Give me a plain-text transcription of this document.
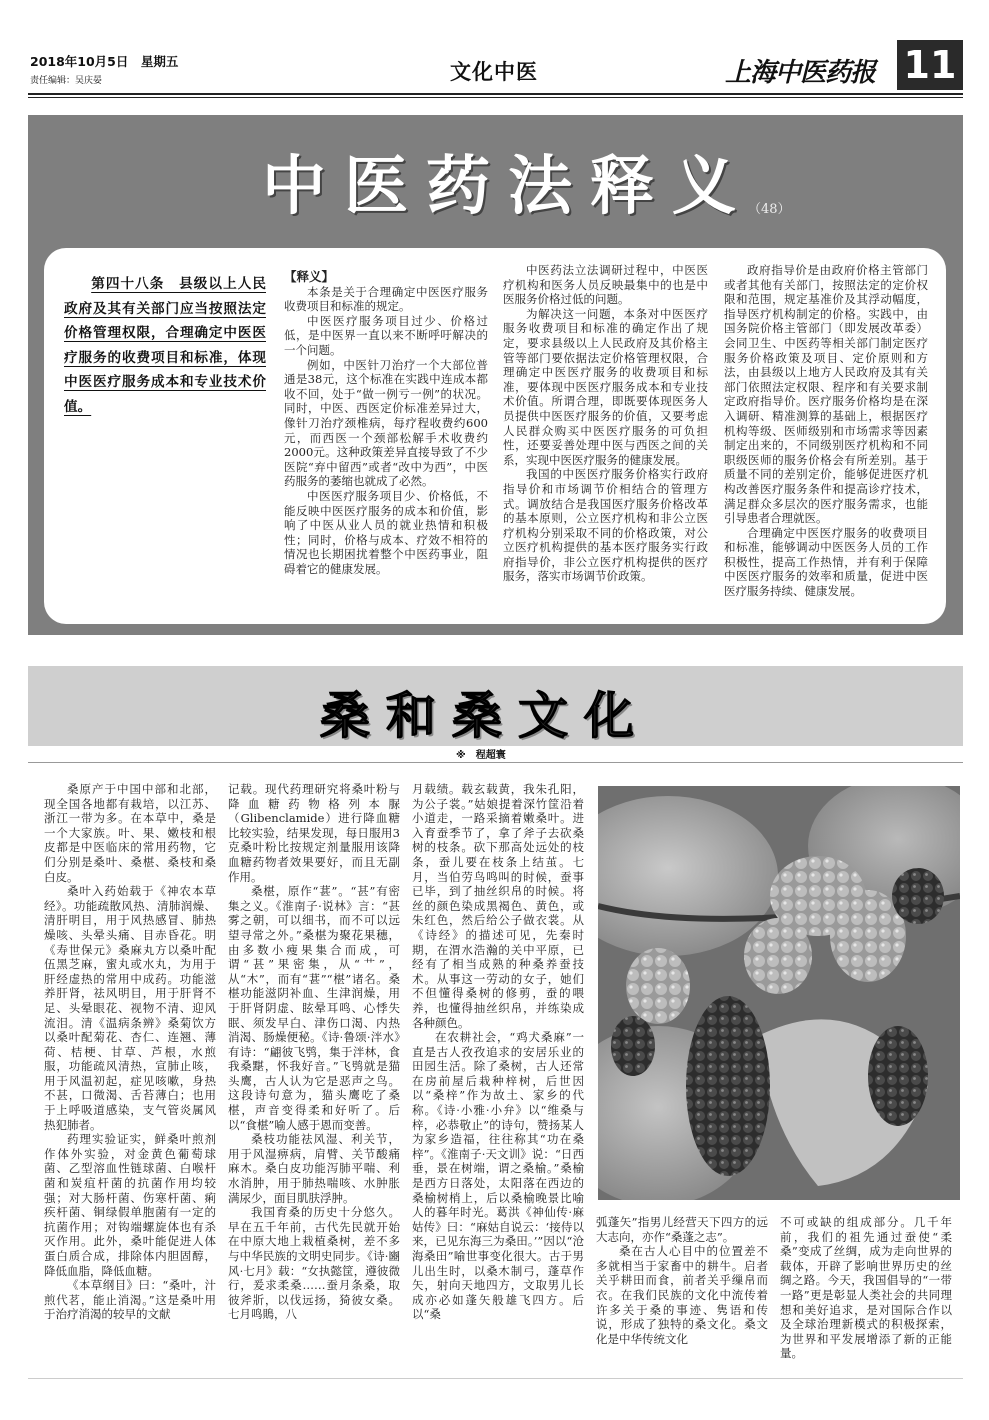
2018年10月5日　星期五
责任编辑：吴庆晏	文化中医	上海中医药报 11
中医药法释义
（48）
第四十八条　县级以上人民政府及其有关部门应当按照法定价格管理权限，合理确定中医医疗服务的收费项目和标准，体现中医医疗服务成本和专业技术价值。
【释义】

本条是关于合理确定中医医疗服务收费项目和标准的规定。

中医医疗服务项目过少、价格过低，是中医界一直以来不断呼吁解决的一个问题。

例如，中医针刀治疗一个大部位普通是38元，这个标准在实践中连成本都收不回，处于“做一例亏一例”的状况。同时，中医、西医定价标准差异过大，像针刀治疗颈椎病，每疗程收费约600元，而西医一个颈部松解手术收费约2000元。这种政策差异直接导致了不少医院“弃中留西”或者“改中为西”，中医药服务的萎缩也就成了必然。

中医医疗服务项目少、价格低，不能反映中医医疗服务的成本和价值，影响了中医从业人员的就业热情和积极性；同时，价格与成本、疗效不相符的情况也长期困扰着整个中医药事业，阻碍着它的健康发展。

中医药法立法调研过程中，中医医疗机构和医务人员反映最集中的也是中医服务价格过低的问题。

为解决这一问题，本条对中医医疗服务收费项目和标准的确定作出了规定，要求县级以上人民政府及其价格主管等部门要依据法定价格管理权限，合理确定中医医疗服务的收费项目和标准，要体现中医医疗服务成本和专业技术价值。所谓合理，即既要体现医务人员提供中医医疗服务的价值，又要考虑人民群众购买中医医疗服务的可负担性，还要妥善处理中医与西医之间的关系，实现中医医疗服务的健康发展。

我国的中医医疗服务价格实行政府指导价和市场调节价相结合的管理方式。调放结合是我国医疗服务价格改革的基本原则，公立医疗机构和非公立医疗机构分别采取不同的价格政策，对公立医疗机构提供的基本医疗服务实行政府指导价，非公立医疗机构提供的医疗服务，落实市场调节价政策。

政府指导价是由政府价格主管部门或者其他有关部门，按照法定的定价权限和范围，规定基准价及其浮动幅度，指导医疗机构制定的价格。实践中，由国务院价格主管部门（即发展改革委）会同卫生、中医药等相关部门制定医疗服务价格政策及项目、定价原则和方法，由县级以上地方人民政府及其有关部门依照法定权限、程序和有关要求制定政府指导价。医疗服务价格均是在深入调研、精准测算的基础上，根据医疗机构等级、医师级别和市场需求等因素制定出来的，不同级别医疗机构和不同职级医师的服务价格会有所差别。基于质量不同的差别定价，能够促进医疗机构改善医疗服务条件和提高诊疗技术，满足群众多层次的医疗服务需求，也能引导患者合理就医。

合理确定中医医疗服务的收费项目和标准，能够调动中医医务人员的工作积极性，提高工作热情，并有利于保障中医医疗服务的效率和质量，促进中医医疗服务持续、健康发展。

桑和桑文化
※　程超寰

桑原产于中国中部和北部，现全国各地都有栽培，以江苏、浙江一带为多。在本草中，桑是一个大家族。叶、果、嫩枝和根皮都是中医临床的常用药物，它们分别是桑叶、桑椹、桑枝和桑白皮。

桑叶入药始载于《神农本草经》。功能疏散风热、清肺润燥、清肝明目，用于风热感冒、肺热燥咳、头晕头痛、目赤昏花。明《寿世保元》桑麻丸方以桑叶配伍黑芝麻，蜜丸或水丸，为用于肝经虚热的常用中成药。功能滋养肝肾，祛风明目，用于肝肾不足、头晕眼花、视物不清、迎风流泪。清《温病条辨》桑菊饮方以桑叶配菊花、杏仁、连翘、薄荷、桔梗、甘草、芦根，水煎服，功能疏风清热，宣肺止咳，用于风温初起，症见咳嗽，身热不甚，口微渴、舌苔薄白；也用于上呼吸道感染，支气管炎属风热犯肺者。

药理实验证实，鲜桑叶煎剂作体外实验，对金黄色葡萄球菌、乙型溶血性链球菌、白喉杆菌和炭疽杆菌的抗菌作用均较强；对大肠杆菌、伤寒杆菌、痢疾杆菌、铜绿假单胞菌有一定的抗菌作用；对钩端螺旋体也有杀灭作用。此外，桑叶能促进人体蛋白质合成，排除体内胆固醇，降低血脂，降低血糖。

《本草纲目》曰：“桑叶，汁煎代茗，能止消渴。”这是桑叶用于治疗消渴的较早的文献

记载。现代药理研究将桑叶粉与降血糖药物格列本脲（Glibenclamide）进行降血糖比较实验，结果发现，每日服用3克桑叶粉比按规定剂量服用该降血糖药物者效果要好，而且无副作用。

桑椹，原作“葚”。“甚”有密集之义。《淮南子·说林》言：“甚雾之朝，可以细书，而不可以远望寻常之外。”桑椹为聚花果穗，由多数小瘦果集合而成，可谓“甚”果密集，从“艹”，从“木”，而有“葚”“椹”诸名。桑椹功能滋阴补血、生津润燥，用于肝肾阴虚、眩晕耳鸣、心悸失眠、须发早白、津伤口渴、内热消渴、肠燥便秘。《诗·鲁颂·泮水》有诗：“翩彼飞鸮，集于泮林，食我桑黮，怀我好音。”飞鸮就是猫头鹰，古人认为它是恶声之鸟。这段诗句意为，猫头鹰吃了桑椹，声音变得柔和好听了。后以“食椹”喻人感于恩而变善。

桑枝功能祛风湿、利关节，用于风湿痹病，肩臂、关节酸痛麻木。桑白皮功能泻肺平喘、利水消肿，用于肺热喘咳、水肿胀满尿少，面目肌肤浮肿。

我国育桑的历史十分悠久。早在五千年前，古代先民就开始在中原大地上栽植桑树，差不多与中华民族的文明史同步。《诗·豳风·七月》载：“女执懿筐，遵彼微行，爰求柔桑……蚕月条桑，取彼斧斨，以伐远扬，猗彼女桑。七月鸣鵙，八

月载绩。载玄载黄，我朱孔阳，为公子裳。”姑娘提着深竹筐沿着小道走，一路采摘着嫩桑叶。进入育蚕季节了，拿了斧子去砍桑树的枝条。砍下那高处远处的枝条，蚕儿要在枝条上结茧。七月，当伯劳鸟鸣叫的时候，蚕事已毕，到了抽丝织帛的时候。将丝的颜色染成黑褐色、黄色，或朱红色，然后给公子做衣裳。从《诗经》的描述可见，先秦时期，在渭水浩瀚的关中平原，已经有了相当成熟的种桑养蚕技术。从事这一劳动的女子，她们不但懂得桑树的修剪，蚕的喂养，也懂得抽丝织帛，并练染成各种颜色。

在农耕社会，“鸡犬桑麻”一直是古人孜孜追求的安居乐业的田园生活。除了桑树，古人还常在房前屋后栽种梓树，后世因以“桑梓”作为故土、家乡的代称。《诗·小雅·小弁》以“维桑与梓，必恭敬止”的诗句，赞扬某人为家乡造福，往往称其“功在桑梓”。《淮南子·天文训》说：“日西垂，景在树端，谓之桑榆。”桑榆是西方日落处，太阳落在西边的桑榆树梢上，后以桑榆晚景比喻人的暮年时光。葛洪《神仙传·麻姑传》曰：“麻姑自说云：‘接侍以来，已见东海三为桑田。’”因以“沧海桑田”喻世事变化很大。古于男儿出生时，以桑木制弓，蓬草作矢，射向天地四方，文取男儿长成亦必如蓬矢般雄飞四方。后以“桑

弧蓬矢”指男儿经营天下四方的远大志向，亦作“桑蓬之志”。

桑在古人心目中的位置差不多就相当于家畜中的耕牛。启者关乎耕田而食，前者关乎缫帛而衣。在我们民族的文化中流传着许多关于桑的事迹、隽语和传说，形成了独特的桑文化。桑文化是中华传统文化

不可或缺的组成部分。几千年前，我们的祖先通过蚕使“柔桑”变成了丝绸，成为走向世界的载体，开辟了影响世界历史的丝绸之路。今天，我国倡导的“一带一路”更是彰显人类社会的共同理想和美好追求，是对国际合作以及全球治理新模式的积极探索，为世界和平发展增添了新的正能量。
